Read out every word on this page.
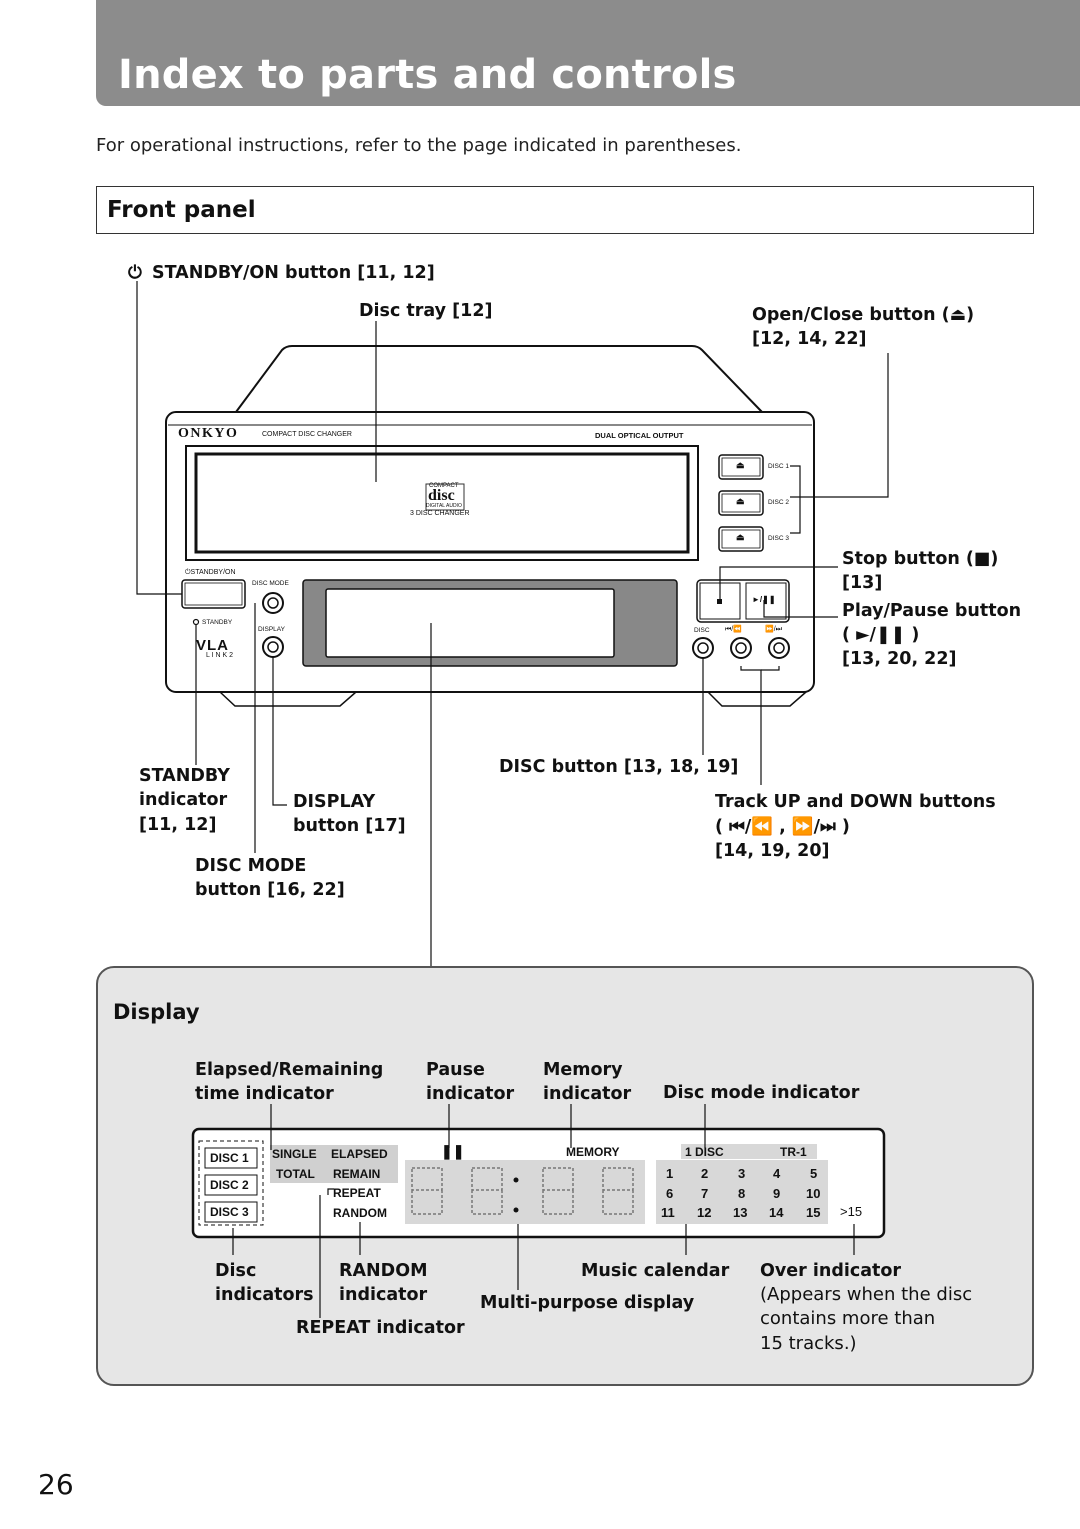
Index to parts and controls
For operational instructions, refer to the page indicated in parentheses.
Front panel
ONKYO	COMPACT DISC CHANGER	DUAL OPTICAL OUTPUT
COMPACT
disc
DIGITAL AUDIO
3 DISC CHANGER
⏻STANDBY/ON
DISC MODE
STANDBY
DISPLAY
VLA
L I N K 2
⏏
⏏
⏏
DISC 1
DISC 2
DISC 3
►/❚❚
DISC ⏮/⏪	⏩/⏭
⏻ STANDBY/ON button [11, 12]
Disc tray [12]	Open/Close button (⏏)
[12, 14, 22]
Stop button (■)
[13]
Play/Pause button
( ►/❚❚ )
[13, 20, 22]
STANDBY
indicator
[11, 12]
DISPLAY
button [17]
DISC MODE
button [16, 22]
DISC button [13, 18, 19]
Track UP and DOWN buttons
( ⏮/⏪ , ⏩/⏭ )
[14, 19, 20]
Display
Elapsed/Remaining
time indicator
Pause
indicator
Memory
indicator Disc mode indicator
DISC 1
DISC 2
DISC 3
SINGLE
TOTAL
ELAPSED
REMAIN
REPEAT
RANDOM
❚❚	MEMORY	1 DISC	TR-1
1 2 3 4 5
6 7 8 9 10
11 12 13 14 15 >15
Disc
indicators
RANDOM
indicator
REPEAT indicator
Music calendar
Multi-purpose display
Over indicator
(Appears when the disc
contains more than
15 tracks.)
26
